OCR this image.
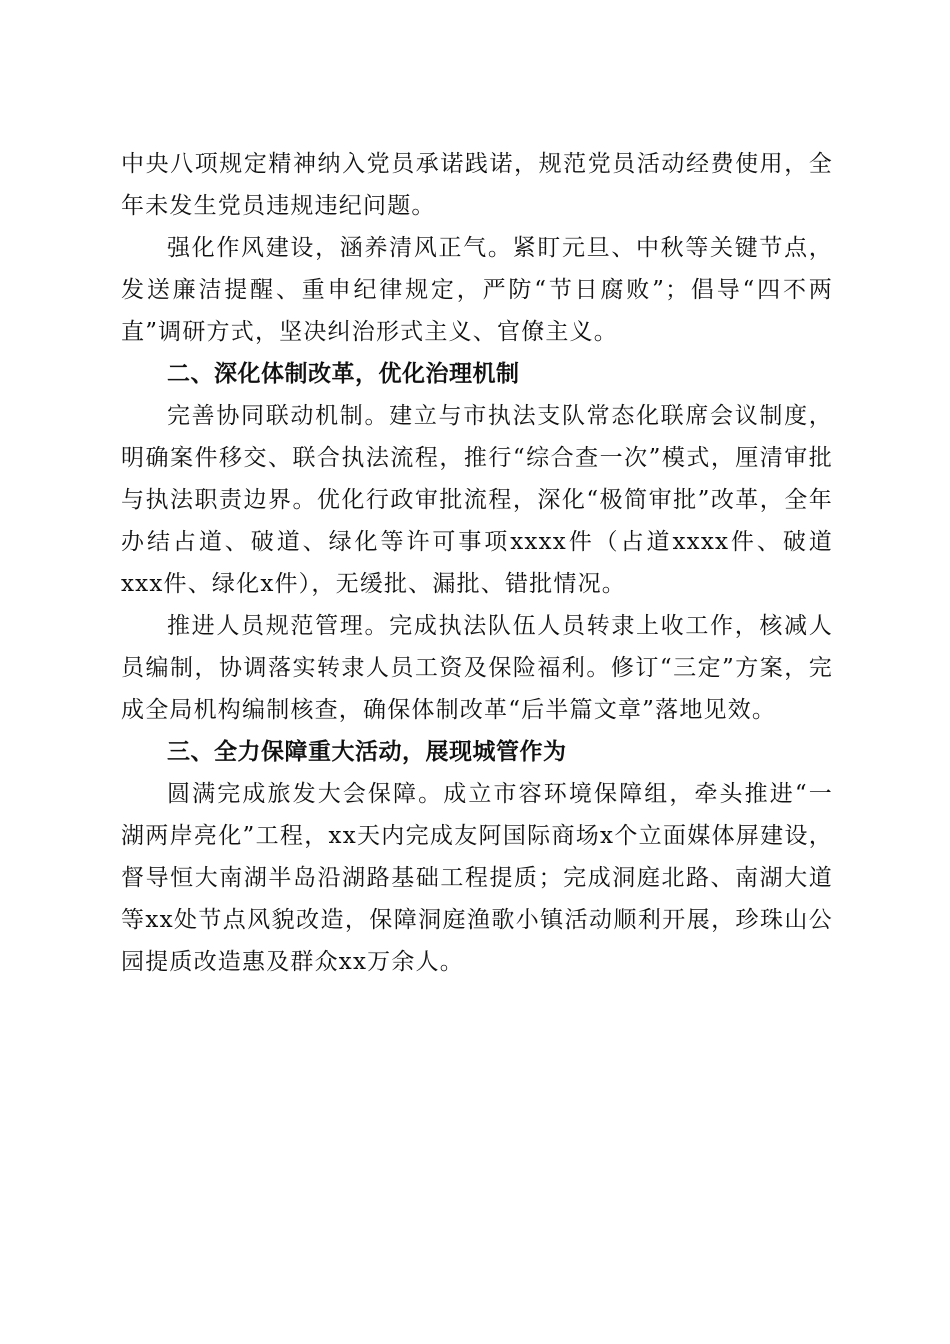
中央八项规定精神纳入党员承诺践诺，规范党员活动经费使用，全年未发生党员违规违纪问题。

强化作风建设，涵养清风正气。紧盯元旦、中秋等关键节点，发送廉洁提醒、重申纪律规定，严防“节日腐败”；倡导“四不两直”调研方式，坚决纠治形式主义、官僚主义。

二、深化体制改革，优化治理机制

完善协同联动机制。建立与市执法支队常态化联席会议制度，明确案件移交、联合执法流程，推行“综合查一次”模式，厘清审批与执法职责边界。优化行政审批流程，深化“极简审批”改革，全年办结占道、破道、绿化等许可事项xxxx件（占道xxxx件、破道xxx件、绿化x件），无缓批、漏批、错批情况。

推进人员规范管理。完成执法队伍人员转隶上收工作，核减人员编制，协调落实转隶人员工资及保险福利。修订“三定”方案，完成全局机构编制核查，确保体制改革“后半篇文章”落地见效。

三、全力保障重大活动，展现城管作为

圆满完成旅发大会保障。成立市容环境保障组，牵头推进“一湖两岸亮化”工程，xx天内完成友阿国际商场x个立面媒体屏建设，督导恒大南湖半岛沿湖路基础工程提质；完成洞庭北路、南湖大道等xx处节点风貌改造，保障洞庭渔歌小镇活动顺利开展，珍珠山公园提质改造惠及群众xx万余人。
